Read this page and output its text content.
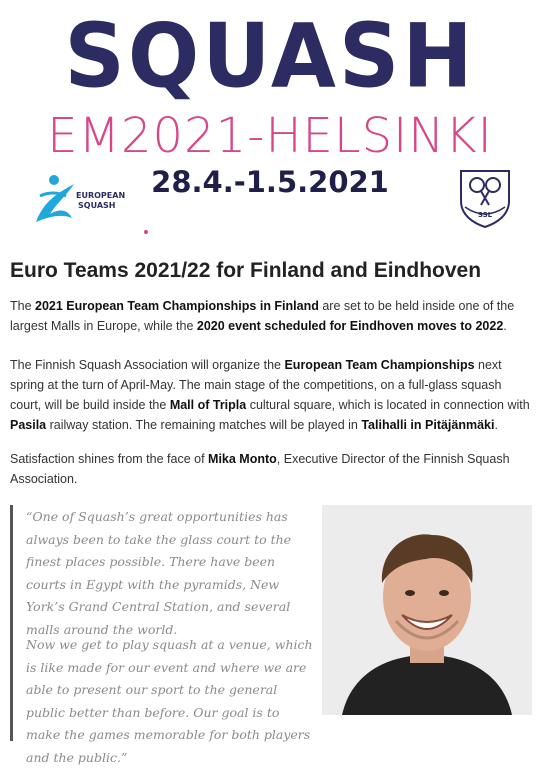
SQUASH
EM2021-HELSINKI
28.4.-1.5.2021
EUROPEAN
SQUASH
SSL
Euro Teams 2021/22 for Finland and Eindhoven

The 2021 European Team Championships in Finland are set to be held inside one of the largest Malls in Europe, while the 2020 event scheduled for Eindhoven moves to 2022.

The Finnish Squash Association will organize the European Team Championships next spring at the turn of April-May. The main stage of the competitions, on a full-glass squash court, will be build inside the Mall of Tripla cultural square, which is located in connection with Pasila railway station. The remaining matches will be played in Talihalli in Pitäjänmäki.

Satisfaction shines from the face of Mika Monto, Executive Director of the Finnish Squash Association.

“One of Squash’s great opportunities has always been to take the glass court to the finest places possible. There have been courts in Egypt with the pyramids, New York’s Grand Central Station, and several malls around the world.

Now we get to play squash at a venue, which is like made for our event and where we are able to present our sport to the general public better than before. Our goal is to make the games memorable for both players and the public.”
